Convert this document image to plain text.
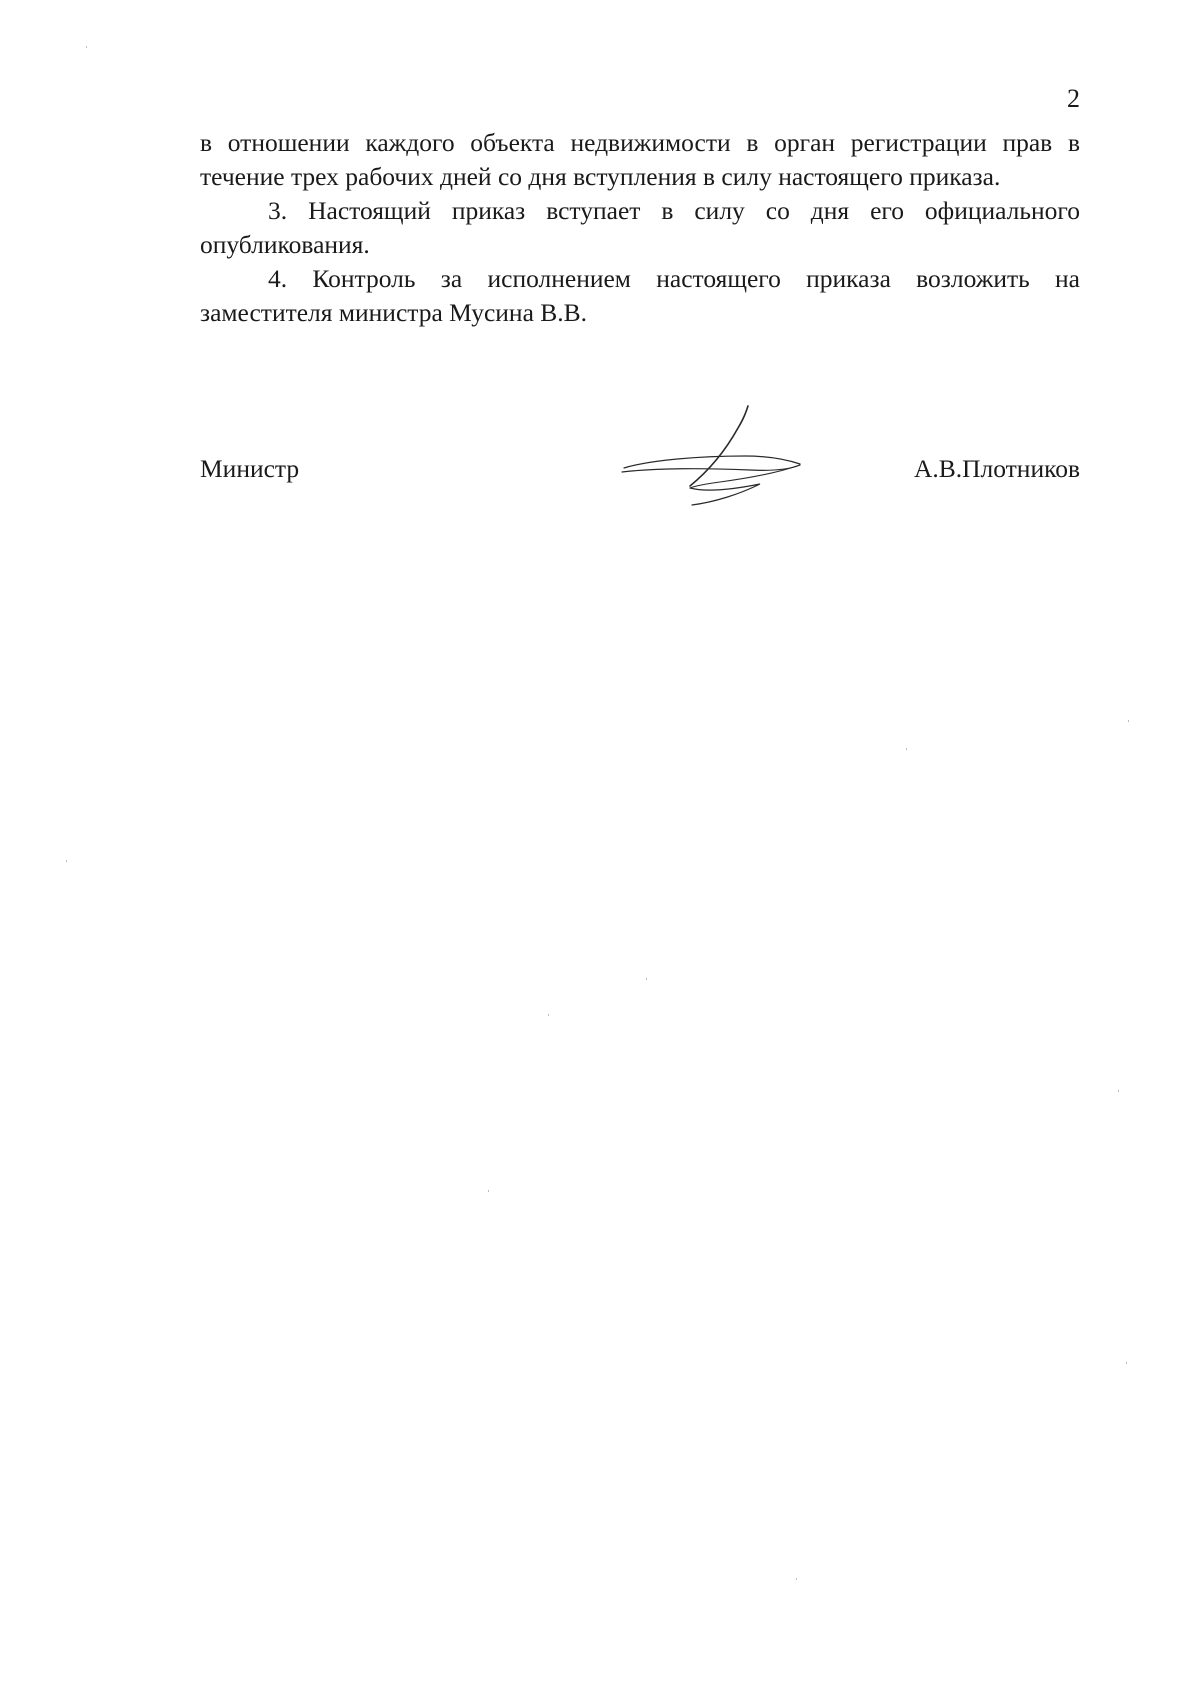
2

в отношении каждого объекта недвижимости в орган регистрации прав в течение трех рабочих дней со дня вступления в силу настоящего приказа.

3. Настоящий приказ вступает в силу со дня его официального опубликования.

4. Контроль за исполнением настоящего приказа возложить на заместителя министра Мусина В.В.

Министр	А.В.Плотников
